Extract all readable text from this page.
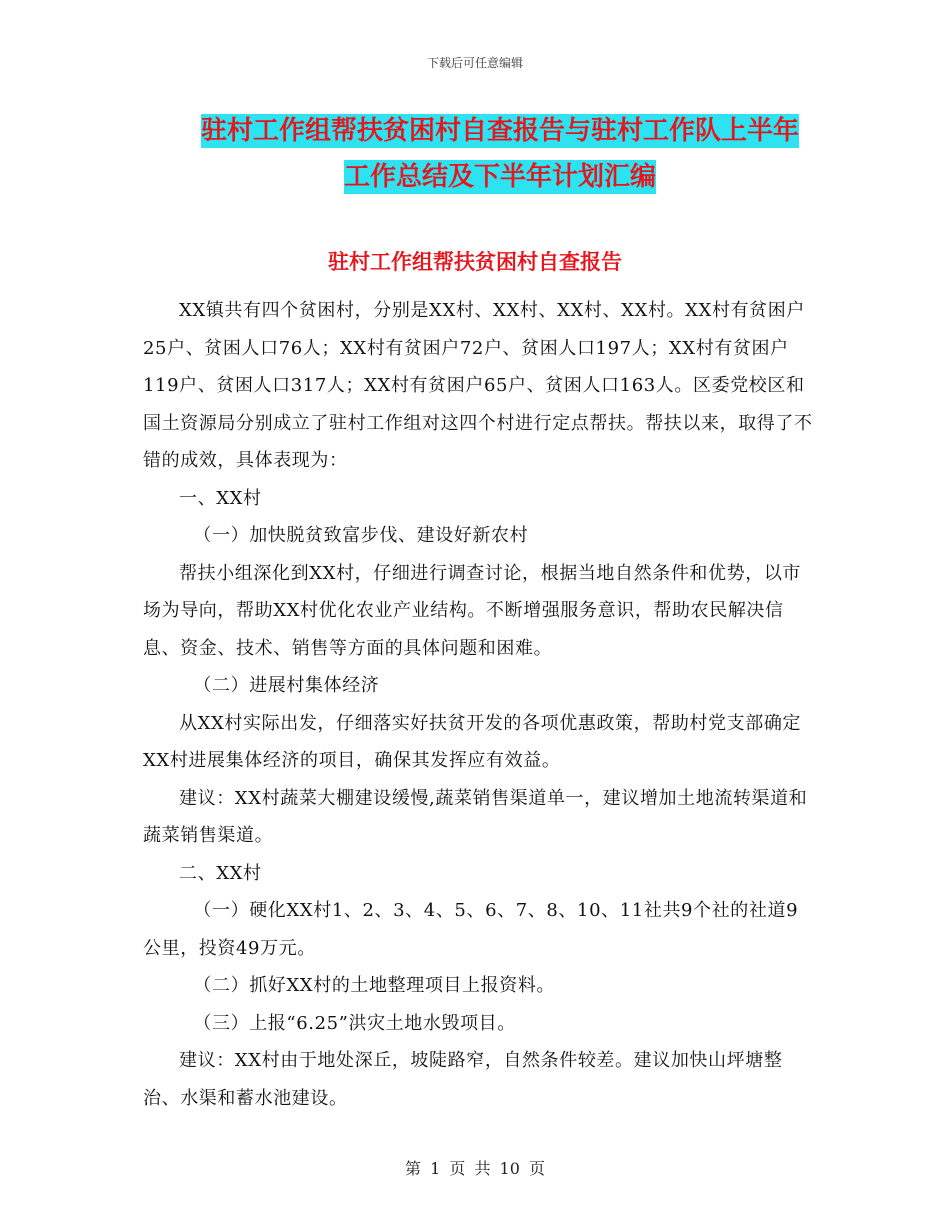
下载后可任意编辑
驻村工作组帮扶贫困村自查报告与驻村工作队上半年
工作总结及下半年计划汇编
驻村工作组帮扶贫困村自查报告

XX镇共有四个贫困村，分别是XX村、XX村、XX村、XX村。XX村有贫困户25户、贫困人口76人；XX村有贫困户72户、贫困人口197人；XX村有贫困户119户、贫困人口317人；XX村有贫困户65户、贫困人口163人。区委党校区和国土资源局分别成立了驻村工作组对这四个村进行定点帮扶。帮扶以来，取得了不错的成效，具体表现为：

一、XX村

（一）加快脱贫致富步伐、建设好新农村

帮扶小组深化到XX村，仔细进行调查讨论，根据当地自然条件和优势，以市场为导向，帮助XX村优化农业产业结构。不断增强服务意识，帮助农民解决信息、资金、技术、销售等方面的具体问题和困难。

（二）进展村集体经济

从XX村实际出发，仔细落实好扶贫开发的各项优惠政策，帮助村党支部确定XX村进展集体经济的项目，确保其发挥应有效益。

建议：XX村蔬菜大棚建设缓慢,蔬菜销售渠道单一，建议增加土地流转渠道和蔬菜销售渠道。

二、XX村

（一）硬化XX村1、2、3、4、5、6、7、8、10、11社共9个社的社道9公里，投资49万元。

（二）抓好XX村的土地整理项目上报资料。

（三）上报“6.25”洪灾土地水毁项目。

建议：XX村由于地处深丘，坡陡路窄，自然条件较差。建议加快山坪塘整治、水渠和蓄水池建设。

第 1 页 共 10 页
